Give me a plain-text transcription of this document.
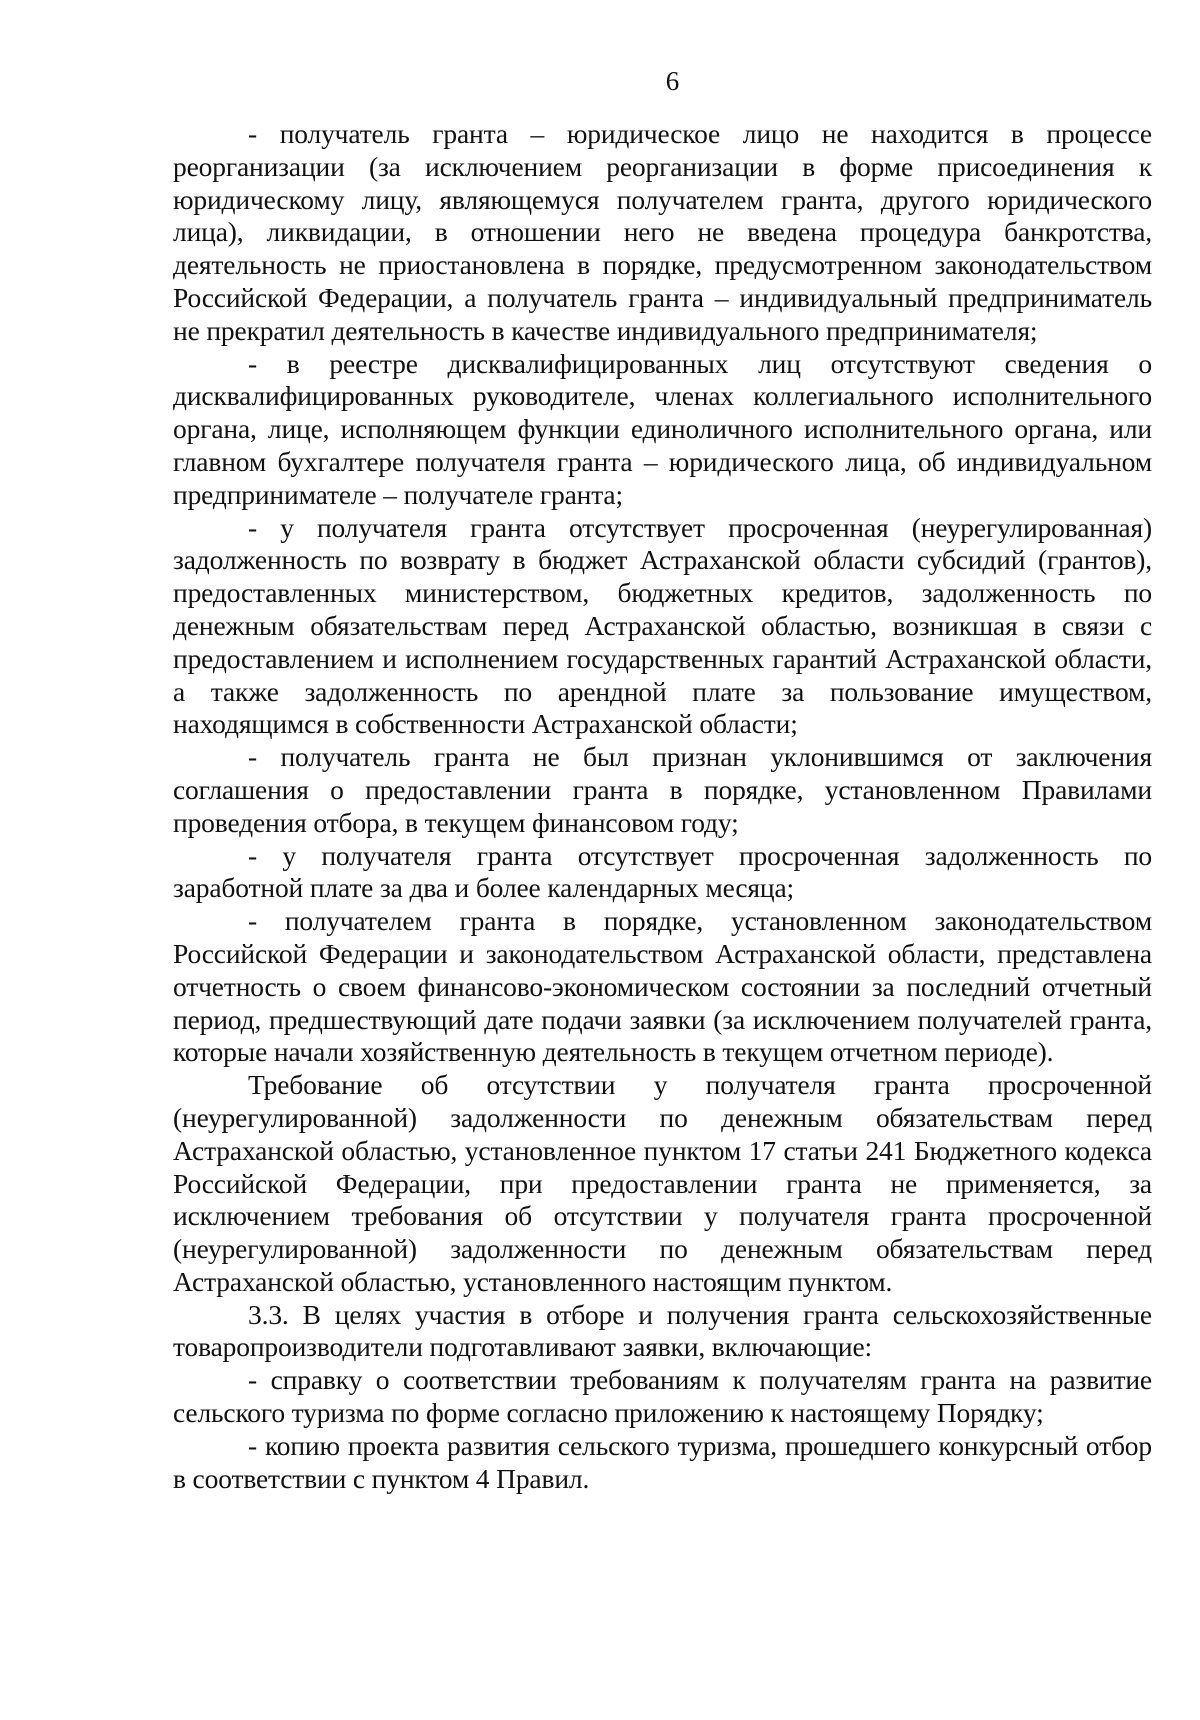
6

- получатель гранта – юридическое лицо не находится в процессе реорганизации (за исключением реорганизации в форме присоединения к юридическому лицу, являющемуся получателем гранта, другого юридического лица), ликвидации, в отношении него не введена процедура банкротства, деятельность не приостановлена в порядке, предусмотренном законодательством Российской Федерации, а получатель гранта – индивидуальный предприниматель не прекратил деятельность в качестве индивидуального предпринимателя;

- в реестре дисквалифицированных лиц отсутствуют сведения о дисквалифицированных руководителе, членах коллегиального исполнительного органа, лице, исполняющем функции единоличного исполнительного органа, или главном бухгалтере получателя гранта – юридического лица, об индивидуальном предпринимателе – получателе гранта;

- у получателя гранта отсутствует просроченная (неурегулированная) задолженность по возврату в бюджет Астраханской области субсидий (грантов), предоставленных министерством, бюджетных кредитов, задолженность по денежным обязательствам перед Астраханской областью, возникшая в связи с предоставлением и исполнением государственных гарантий Астраханской области, а также задолженность по арендной плате за пользование имуществом, находящимся в собственности Астраханской области;

- получатель гранта не был признан уклонившимся от заключения соглашения о предоставлении гранта в порядке, установленном Правилами проведения отбора, в текущем финансовом году;

- у получателя гранта отсутствует просроченная задолженность по заработной плате за два и более календарных месяца;

- получателем гранта в порядке, установленном законодательством Российской Федерации и законодательством Астраханской области, представлена отчетность о своем финансово-экономическом состоянии за последний отчетный период, предшествующий дате подачи заявки (за исключением получателей гранта, которые начали хозяйственную деятельность в текущем отчетном периоде).

Требование об отсутствии у получателя гранта просроченной (неурегулированной) задолженности по денежным обязательствам перед Астраханской областью, установленное пунктом 17 статьи 241 Бюджетного кодекса Российской Федерации, при предоставлении гранта не применяется, за исключением требования об отсутствии у получателя гранта просроченной (неурегулированной) задолженности по денежным обязательствам перед Астраханской областью, установленного настоящим пунктом.

3.3. В целях участия в отборе и получения гранта сельскохозяйственные товаропроизводители подготавливают заявки, включающие:

- справку о соответствии требованиям к получателям гранта на развитие сельского туризма по форме согласно приложению к настоящему Порядку;

- копию проекта развития сельского туризма, прошедшего конкурсный отбор в соответствии с пунктом 4 Правил.
